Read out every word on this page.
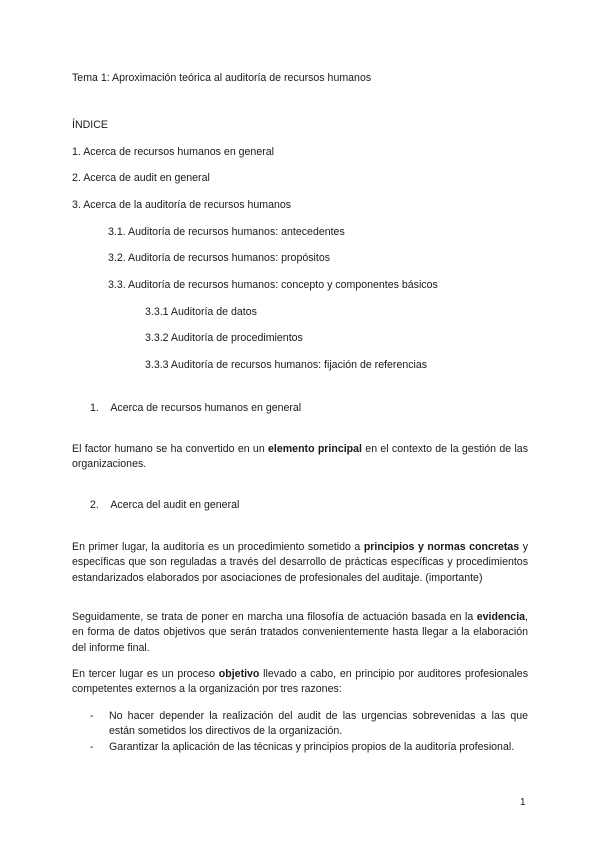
Tema 1: Aproximación teórica al auditoría de recursos humanos
ÍNDICE
1. Acerca de recursos humanos en general
2. Acerca de audit en general
3. Acerca de la auditoría de recursos humanos
3.1. Auditoría de recursos humanos: antecedentes
3.2. Auditoría de recursos humanos: propósitos
3.3. Auditoría de recursos humanos: concepto y componentes básicos
3.3.1 Auditoría de datos
3.3.2 Auditoría de procedimientos
3.3.3 Auditoría de recursos humanos: fijación de referencias
1. Acerca de recursos humanos en general
El factor humano se ha convertido en un elemento principal en el contexto de la gestión de las organizaciones.
2. Acerca del audit en general
En primer lugar, la auditoría es un procedimiento sometido a principios y normas concretas y específicas que son reguladas a través del desarrollo de prácticas específicas y procedimientos estandarizados elaborados por asociaciones de profesionales del auditaje. (importante)
Seguidamente, se trata de poner en marcha una filosofía de actuación basada en la evidencia, en forma de datos objetivos que serán tratados convenientemente hasta llegar a la elaboración del informe final.
En tercer lugar es un proceso objetivo llevado a cabo, en principio por auditores profesionales competentes externos a la organización por tres razones:
- No hacer depender la realización del audit de las urgencias sobrevenidas a las que están sometidos los directivos de la organización.
- Garantizar la aplicación de las técnicas y principios propios de la auditoría profesional.
1
